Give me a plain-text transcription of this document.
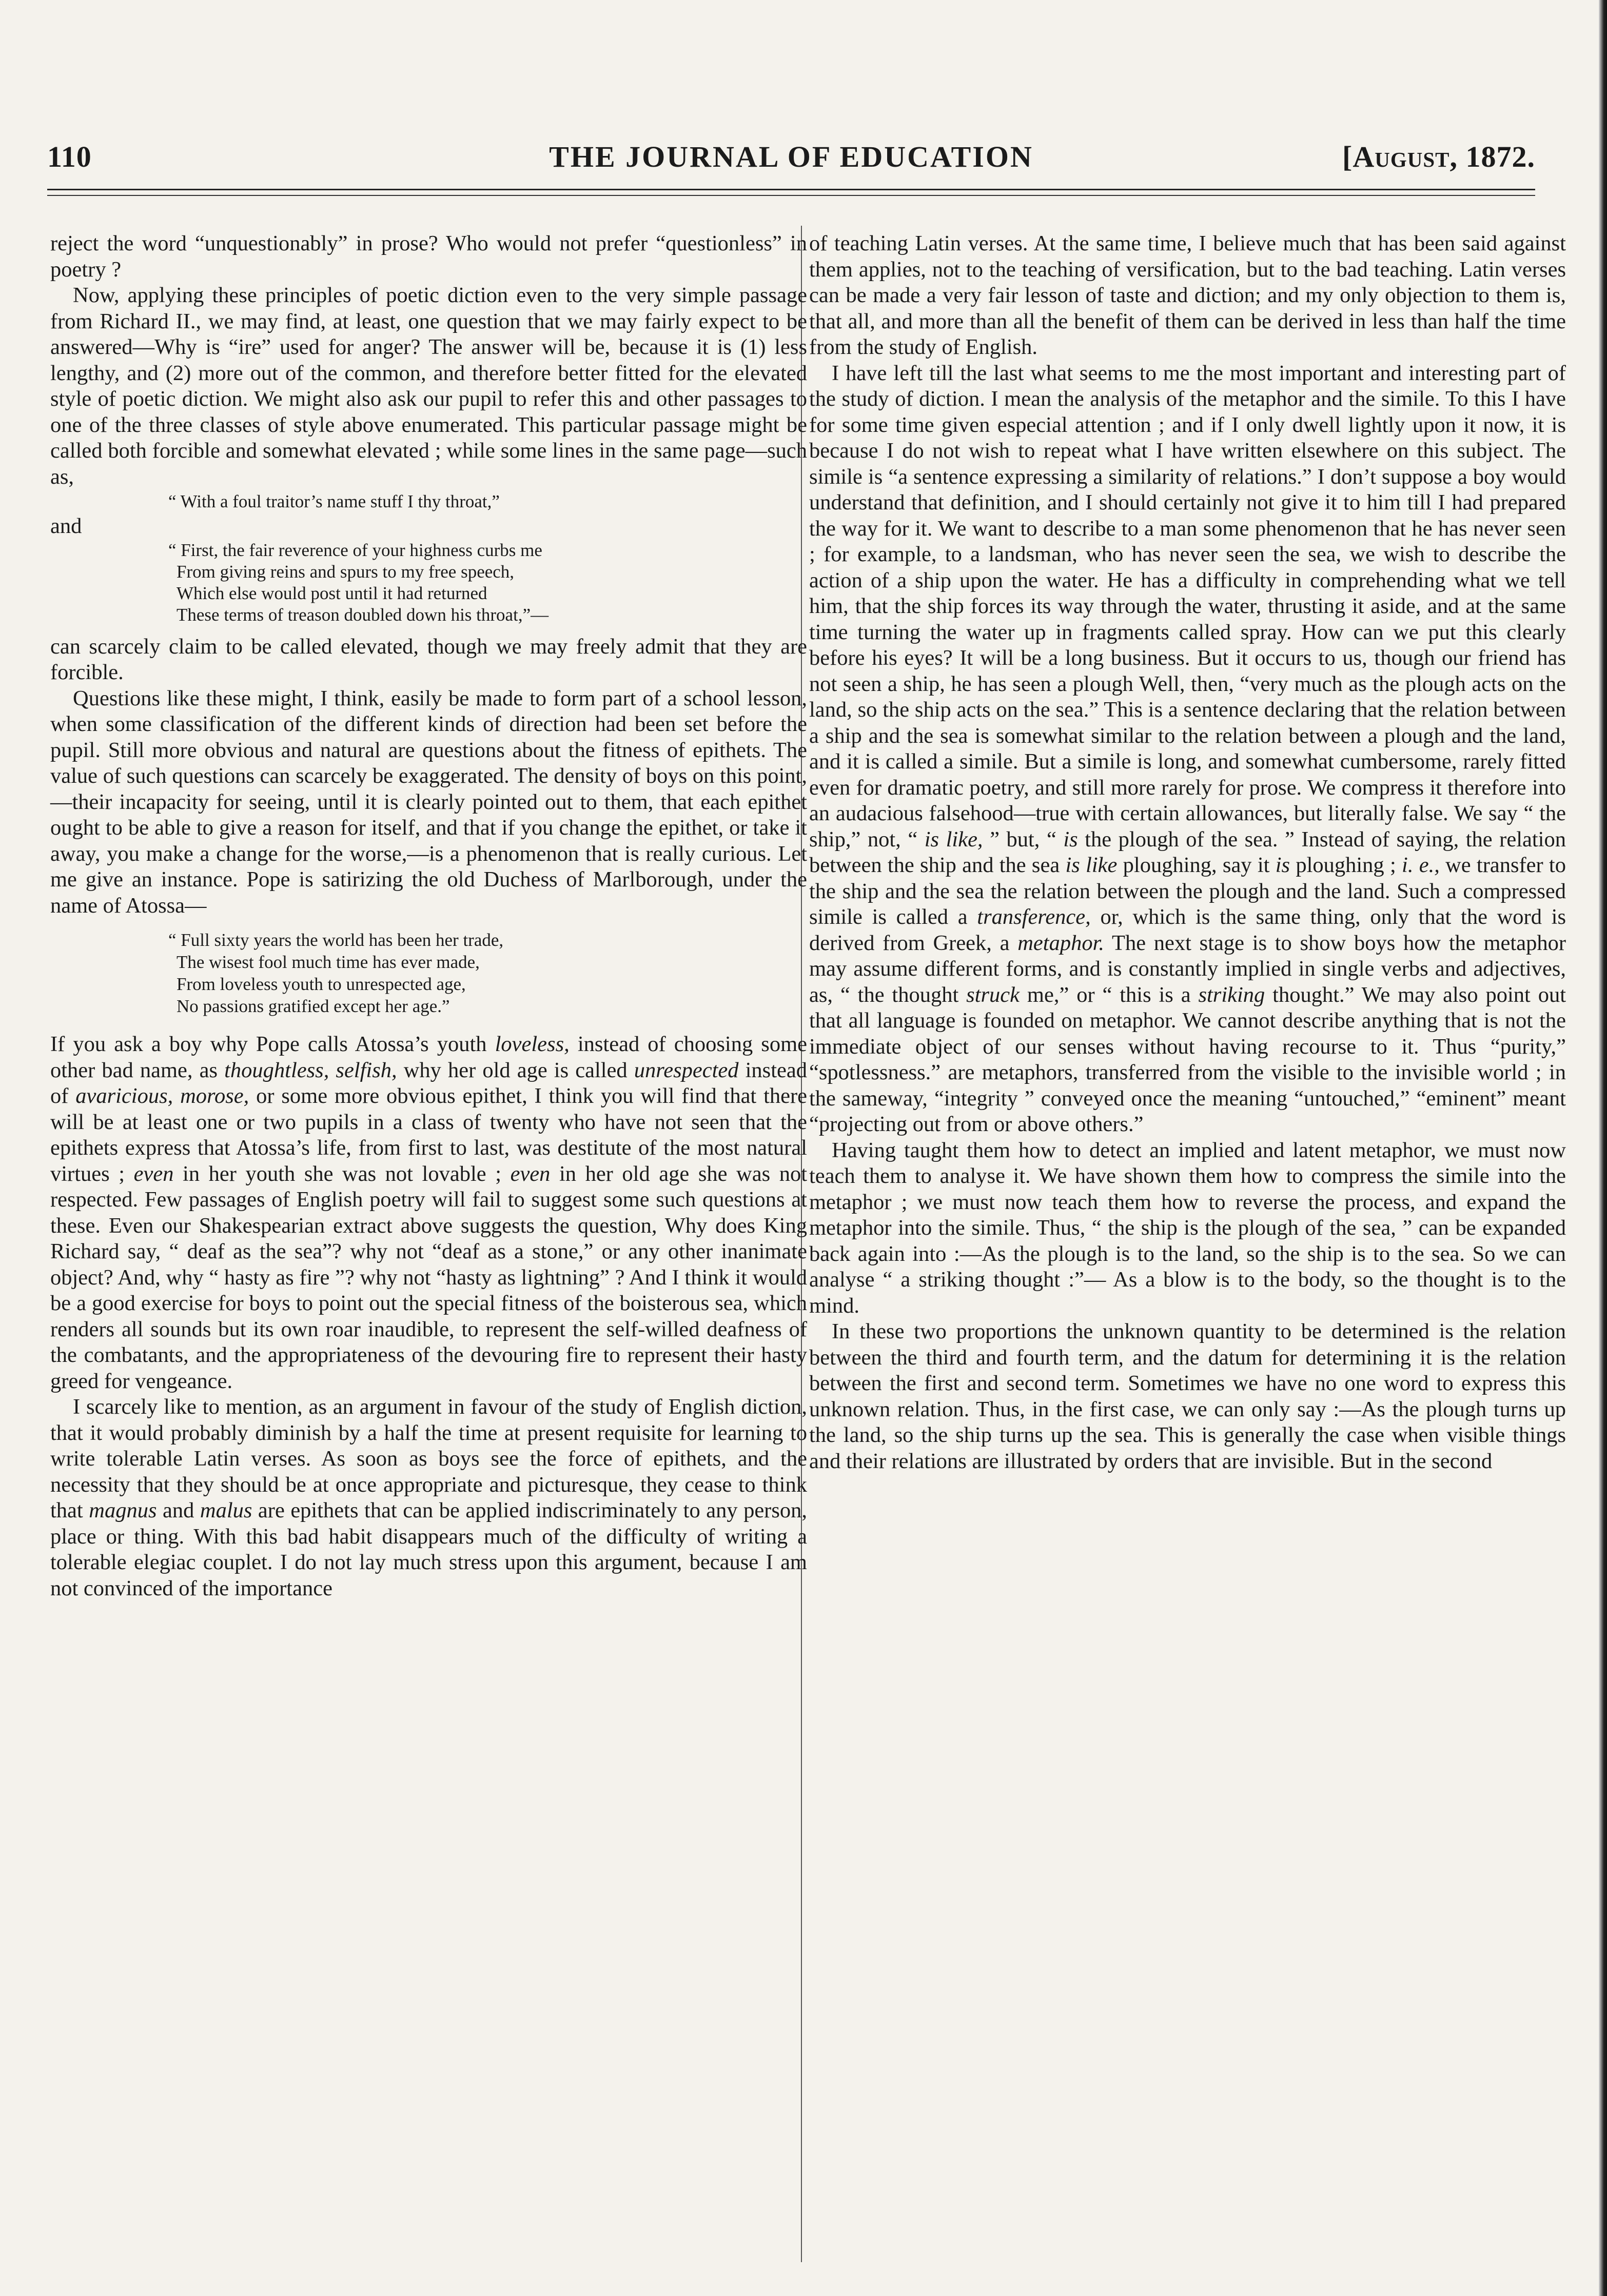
110	THE JOURNAL OF EDUCATION	[August, 1872.

reject the word “unquestionably” in prose? Who would not prefer “questionless” in poetry ?

Now, applying these principles of poetic diction even to the very simple passage from Richard II., we may find, at least, one question that we may fairly expect to be answered—Why is “ire” used for anger? The answer will be, because it is (1) less lengthy, and (2) more out of the common, and therefore better fitted for the elevated style of poetic diction. We might also ask our pupil to refer this and other passages to one of the three classes of style above enumerated. This particular passage might be called both forcible and somewhat elevated ; while some lines in the same page—such as,

“ With a foul traitor’s name stuff I thy throat,”

and

“ First, the fair reverence of your highness curbs me
From giving reins and spurs to my free speech,
Which else would post until it had returned
These terms of treason doubled down his throat,”—

can scarcely claim to be called elevated, though we may freely admit that they are forcible.

Questions like these might, I think, easily be made to form part of a school lesson, when some classification of the different kinds of direction had been set before the pupil. Still more obvious and natural are questions about the fitness of epithets. The value of such questions can scarcely be exaggerated. The density of boys on this point,—their incapacity for seeing, until it is clearly pointed out to them, that each epithet ought to be able to give a reason for itself, and that if you change the epithet, or take it away, you make a change for the worse,—is a phenomenon that is really curious. Let me give an instance. Pope is satirizing the old Duchess of Marlborough, under the name of Atossa—

“ Full sixty years the world has been her trade,
The wisest fool much time has ever made,
From loveless youth to unrespected age,
No passions gratified except her age.”

If you ask a boy why Pope calls Atossa’s youth loveless, instead of choosing some other bad name, as thoughtless, selfish, why her old age is called unrespected instead of avaricious, morose, or some more obvious epithet, I think you will find that there will be at least one or two pupils in a class of twenty who have not seen that the epithets express that Atossa’s life, from first to last, was destitute of the most natural virtues ; even in her youth she was not lovable ; even in her old age she was not respected. Few passages of English poetry will fail to suggest some such questions at these. Even our Shakespearian extract above suggests the question, Why does King Richard say, “ deaf as the sea”? why not “deaf as a stone,” or any other inanimate object? And, why “ hasty as fire ”? why not “hasty as lightning” ? And I think it would be a good exercise for boys to point out the special fitness of the boisterous sea, which renders all sounds but its own roar inaudible, to represent the self-willed deafness of the combatants, and the appropriateness of the devouring fire to represent their hasty greed for vengeance.

I scarcely like to mention, as an argument in favour of the study of English diction, that it would probably diminish by a half the time at present requisite for learning to write tolerable Latin verses. As soon as boys see the force of epithets, and the necessity that they should be at once appropriate and picturesque, they cease to think that magnus and malus are epithets that can be applied indiscriminately to any person, place or thing. With this bad habit disappears much of the difficulty of writing a tolerable elegiac couplet. I do not lay much stress upon this argument, because I am not convinced of the importance

of teaching Latin verses. At the same time, I believe much that has been said against them applies, not to the teaching of versification, but to the bad teaching. Latin verses can be made a very fair lesson of taste and diction; and my only objection to them is, that all, and more than all the benefit of them can be derived in less than half the time from the study of English.

I have left till the last what seems to me the most important and interesting part of the study of diction. I mean the analysis of the metaphor and the simile. To this I have for some time given especial attention ; and if I only dwell lightly upon it now, it is because I do not wish to repeat what I have written elsewhere on this subject. The simile is “a sentence expressing a similarity of relations.” I don’t suppose a boy would understand that definition, and I should certainly not give it to him till I had prepared the way for it. We want to describe to a man some phenomenon that he has never seen ; for example, to a landsman, who has never seen the sea, we wish to describe the action of a ship upon the water. He has a difficulty in comprehending what we tell him, that the ship forces its way through the water, thrusting it aside, and at the same time turning the water up in fragments called spray. How can we put this clearly before his eyes? It will be a long business. But it occurs to us, though our friend has not seen a ship, he has seen a plough Well, then, “very much as the plough acts on the land, so the ship acts on the sea.” This is a sentence declaring that the relation between a ship and the sea is somewhat similar to the relation between a plough and the land, and it is called a simile. But a simile is long, and somewhat cumbersome, rarely fitted even for dramatic poetry, and still more rarely for prose. We compress it therefore into an audacious falsehood—true with certain allowances, but literally false. We say “ the ship,” not, “ is like, ” but, “ is the plough of the sea. ” Instead of saying, the relation between the ship and the sea is like ploughing, say it is ploughing ; i. e., we transfer to the ship and the sea the relation between the plough and the land. Such a compressed simile is called a transference, or, which is the same thing, only that the word is derived from Greek, a metaphor. The next stage is to show boys how the metaphor may assume different forms, and is constantly implied in single verbs and adjectives, as, “ the thought struck me,” or “ this is a striking thought.” We may also point out that all language is founded on metaphor. We cannot describe anything that is not the immediate object of our senses without having recourse to it. Thus “purity,” “spotlessness.” are metaphors, transferred from the visible to the invisible world ; in the sameway, “integrity ” conveyed once the meaning “untouched,” “eminent” meant “projecting out from or above others.”

Having taught them how to detect an implied and latent metaphor, we must now teach them to analyse it. We have shown them how to compress the simile into the metaphor ; we must now teach them how to reverse the process, and expand the metaphor into the simile. Thus, “ the ship is the plough of the sea, ” can be expanded back again into :—As the plough is to the land, so the ship is to the sea. So we can analyse “ a striking thought :”— As a blow is to the body, so the thought is to the mind.

In these two proportions the unknown quantity to be determined is the relation between the third and fourth term, and the datum for determining it is the relation between the first and second term. Sometimes we have no one word to express this unknown relation. Thus, in the first case, we can only say :—As the plough turns up the land, so the ship turns up the sea. This is generally the case when visible things and their relations are illustrated by orders that are invisible. But in the second
